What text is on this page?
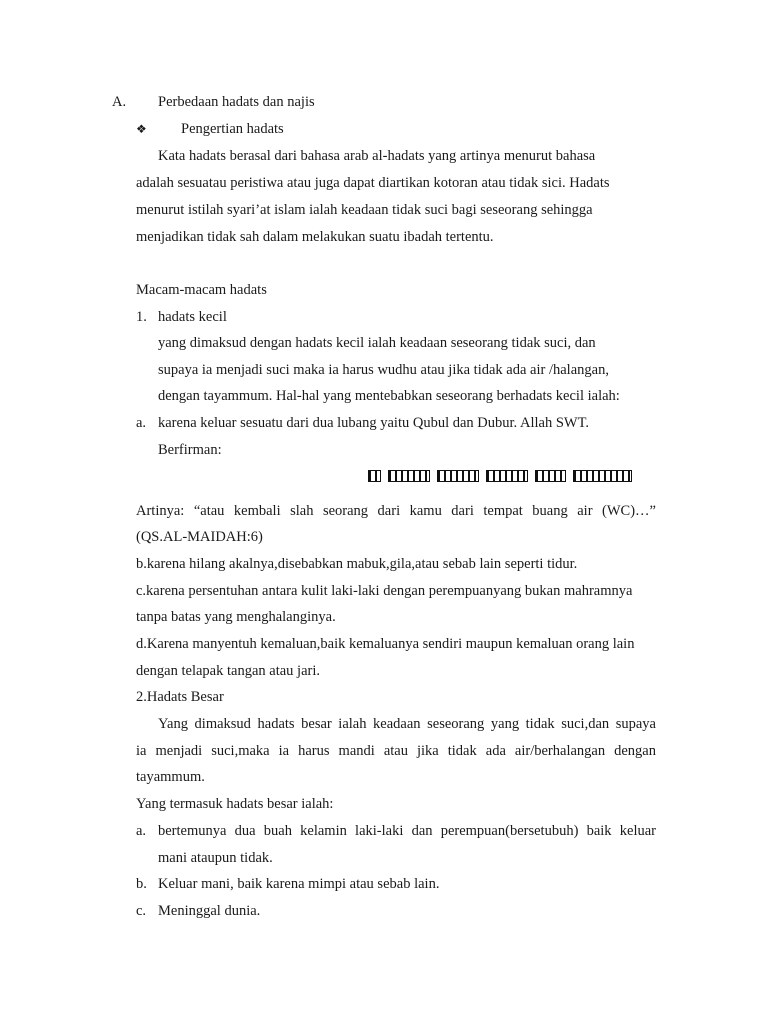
A. Perbedaan hadats dan najis
❖ Pengertian hadats
Kata hadats berasal dari bahasa arab al-hadats yang artinya menurut bahasa
adalah sesuatau peristiwa atau juga dapat diartikan kotoran atau tidak sici. Hadats
menurut istilah syari’at islam ialah keadaan tidak suci bagi seseorang sehingga
menjadikan tidak sah dalam melakukan suatu ibadah tertentu.
Macam-macam hadats
1. hadats kecil
yang dimaksud dengan hadats kecil ialah keadaan seseorang tidak suci, dan
supaya ia menjadi suci maka ia harus wudhu atau jika tidak ada air /halangan,
dengan tayammum. Hal-hal yang mentebabkan seseorang berhadats kecil ialah:
a. karena keluar sesuatu dari dua lubang yaitu Qubul dan Dubur. Allah SWT.
Berfirman:
Artinya: “atau kembali slah seorang dari kamu dari tempat buang air (WC)…”
(QS.AL-MAIDAH:6)
b.karena hilang akalnya,disebabkan mabuk,gila,atau sebab lain seperti tidur.
c.karena persentuhan antara kulit laki-laki dengan perempuanyang bukan mahramnya
tanpa batas yang menghalanginya.
d.Karena manyentuh kemaluan,baik kemaluanya sendiri maupun kemaluan orang lain
dengan telapak tangan atau jari.
2.Hadats Besar
Yang dimaksud hadats besar ialah keadaan seseorang yang tidak suci,dan supaya
ia menjadi suci,maka ia harus mandi atau jika tidak ada air/berhalangan dengan
tayammum.
Yang termasuk hadats besar ialah:
a. bertemunya dua buah kelamin laki-laki dan perempuan(bersetubuh) baik keluar
mani ataupun tidak.
b. Keluar mani, baik karena mimpi atau sebab lain.
c. Meninggal dunia.
